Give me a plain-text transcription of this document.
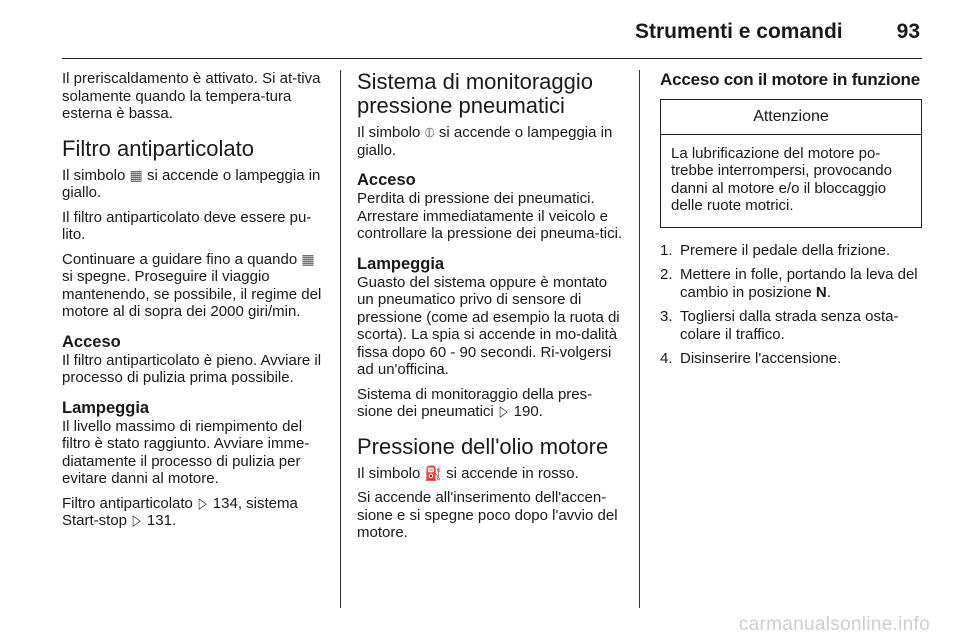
Strumenti e comandi	93

Il preriscaldamento è attivato. Si at-tiva solamente quando la tempera-tura esterna è bassa.

Filtro antiparticolato

Il simbolo ▦ si accende o lampeggia in giallo.

Il filtro antiparticolato deve essere pu-lito.

Continuare a guidare fino a quando ▦ si spegne. Proseguire il viaggio mantenendo, se possibile, il regime del motore al di sopra dei 2000 giri/min.

Acceso

Il filtro antiparticolato è pieno. Avviare il processo di pulizia prima possibile.

Lampeggia

Il livello massimo di riempimento del filtro è stato raggiunto. Avviare imme-diatamente il processo di pulizia per evitare danni al motore.

Filtro antiparticolato ▷ 134, sistema Start-stop ▷ 131.

Sistema di monitoraggio pressione pneumatici

Il simbolo ⦶ si accende o lampeggia in giallo.

Acceso

Perdita di pressione dei pneumatici. Arrestare immediatamente il veicolo e controllare la pressione dei pneuma-tici.

Lampeggia

Guasto del sistema oppure è montato un pneumatico privo di sensore di pressione (come ad esempio la ruota di scorta). La spia si accende in mo-dalità fissa dopo 60 - 90 secondi. Ri-volgersi ad un'officina.

Sistema di monitoraggio della pres-sione dei pneumatici ▷ 190.

Pressione dell'olio motore

Il simbolo ⛽ si accende in rosso.

Si accende all'inserimento dell'accen-sione e si spegne poco dopo l'avvio del motore.

Acceso con il motore in funzione
Attenzione
La lubrificazione del motore po-trebbe interrompersi, provocando danni al motore e/o il bloccaggio delle ruote motrici.
1. Premere il pedale della frizione.
2. Mettere in folle, portando la leva del cambio in posizione N.
3. Togliersi dalla strada senza osta-colare il traffico.
4. Disinserire l'accensione.
carmanualsonline.info
